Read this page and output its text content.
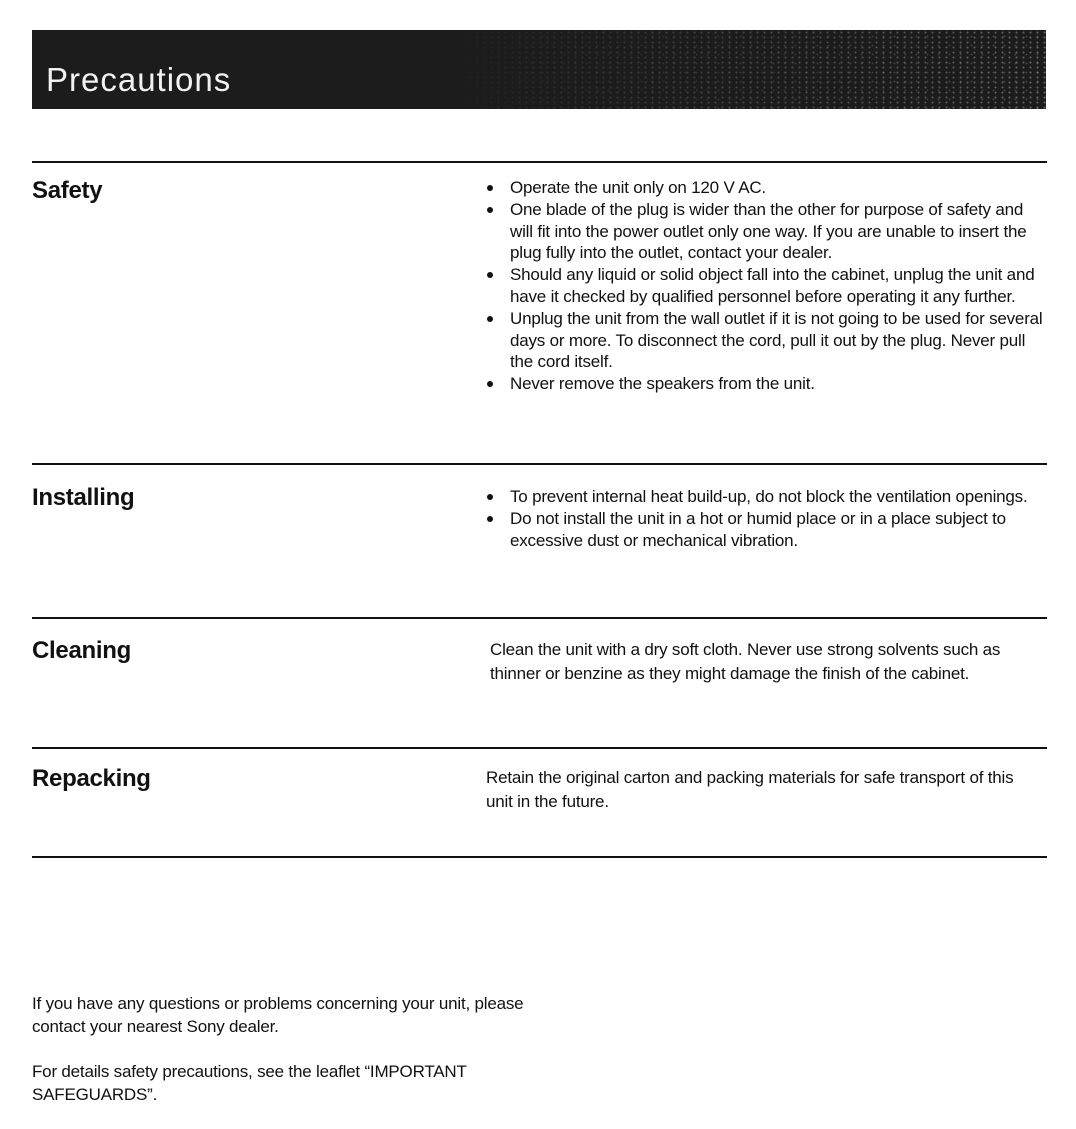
Precautions
Safety	Operate the unit only on 120 V AC.
One blade of the plug is wider than the other for purpose of safety and will fit into the power outlet only one way. If you are unable to insert the plug fully into the outlet, contact your dealer.
Should any liquid or solid object fall into the cabinet, unplug the unit and have it checked by qualified personnel before operating it any further.
Unplug the unit from the wall outlet if it is not going to be used for several days or more. To disconnect the cord, pull it out by the plug. Never pull the cord itself.
Never remove the speakers from the unit.
Installing	To prevent internal heat build-up, do not block the ventilation openings.
Do not install the unit in a hot or humid place or in a place subject to excessive dust or mechanical vibration.
Cleaning	Clean the unit with a dry soft cloth. Never use strong solvents such as thinner or benzine as they might damage the finish of the cabinet.

Repacking	Retain the original carton and packing materials for safe transport of this unit in the future.

If you have any questions or problems concerning your unit, please contact your nearest Sony dealer.

For details safety precautions, see the leaflet “IMPORTANT SAFEGUARDS”.
